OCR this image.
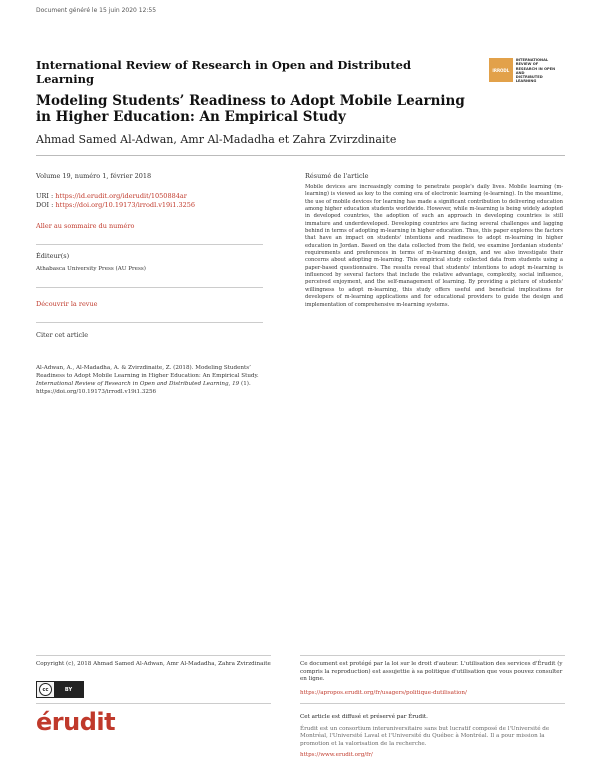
Document généré le 15 juin 2020 12:55
International Review of Research in Open and Distributed Learning
IRRODL
INTERNATIONAL REVIEW OF
RESEARCH IN OPEN AND
DISTRIBUTED
LEARNING
Modeling Students’ Readiness to Adopt Mobile Learning in Higher Education: An Empirical Study
Ahmad Samed Al-Adwan, Amr Al-Madadha et Zahra Zvirzdinaite
Volume 19, numéro 1, février 2018
URI : https://id.erudit.org/iderudit/1050884ar
DOI : https://doi.org/10.19173/irrodl.v19i1.3256
Aller au sommaire du numéro
Éditeur(s)
Athabasca University Press (AU Press)
Découvrir la revue
Citer cet article
Al-Adwan, A., Al-Madadha, A. & Zvirzdinaite, Z. (2018). Modeling Students’ Readiness to Adopt Mobile Learning in Higher Education: An Empirical Study. International Review of Research in Open and Distributed Learning, 19 (1). https://doi.org/10.19173/irrodl.v19i1.3256
Résumé de l'article
Mobile devices are increasingly coming to penetrate people's daily lives. Mobile learning (m-learning) is viewed as key to the coming era of electronic learning (e-learning). In the meantime, the use of mobile devices for learning has made a significant contribution to delivering education among higher education students worldwide. However, while m-learning is being widely adopted in developed countries, the adoption of such an approach in developing countries is still immature and underdeveloped. Developing countries are facing several challenges and lagging behind in terms of adopting m-learning in higher education. Thus, this paper explores the factors that have an impact on students' intentions and readiness to adopt m-learning in higher education in Jordan. Based on the data collected from the field, we examine Jordanian students' requirements and preferences in terms of m-learning design, and we also investigate their concerns about adopting m-learning. This empirical study collected data from students using a paper-based questionnaire. The results reveal that students' intentions to adopt m-learning is influenced by several factors that include the relative advantage, complexity, social influence, perceived enjoyment, and the self-management of learning. By providing a picture of students' willingness to adopt m-learning, this study offers useful and beneficial implications for developers of m-learning applications and for educational providers to guide the design and implementation of comprehensive m-learning systems.
Copyright (c), 2018 Ahmad Samed Al-Adwan, Amr Al-Madadha, Zahra Zvirzdinaite
cc	BY
Ce document est protégé par la loi sur le droit d'auteur. L'utilisation des services d'Érudit (y compris la reproduction) est assujettie à sa politique d'utilisation que vous pouvez consulter en ligne.
https://apropos.erudit.org/fr/usagers/politique-dutilisation/
érudit	Cet article est diffusé et préservé par Érudit.
Érudit est un consortium interuniversitaire sans but lucratif composé de l'Université de Montréal, l'Université Laval et l'Université du Québec à Montréal. Il a pour mission la promotion et la valorisation de la recherche.
https://www.erudit.org/fr/
